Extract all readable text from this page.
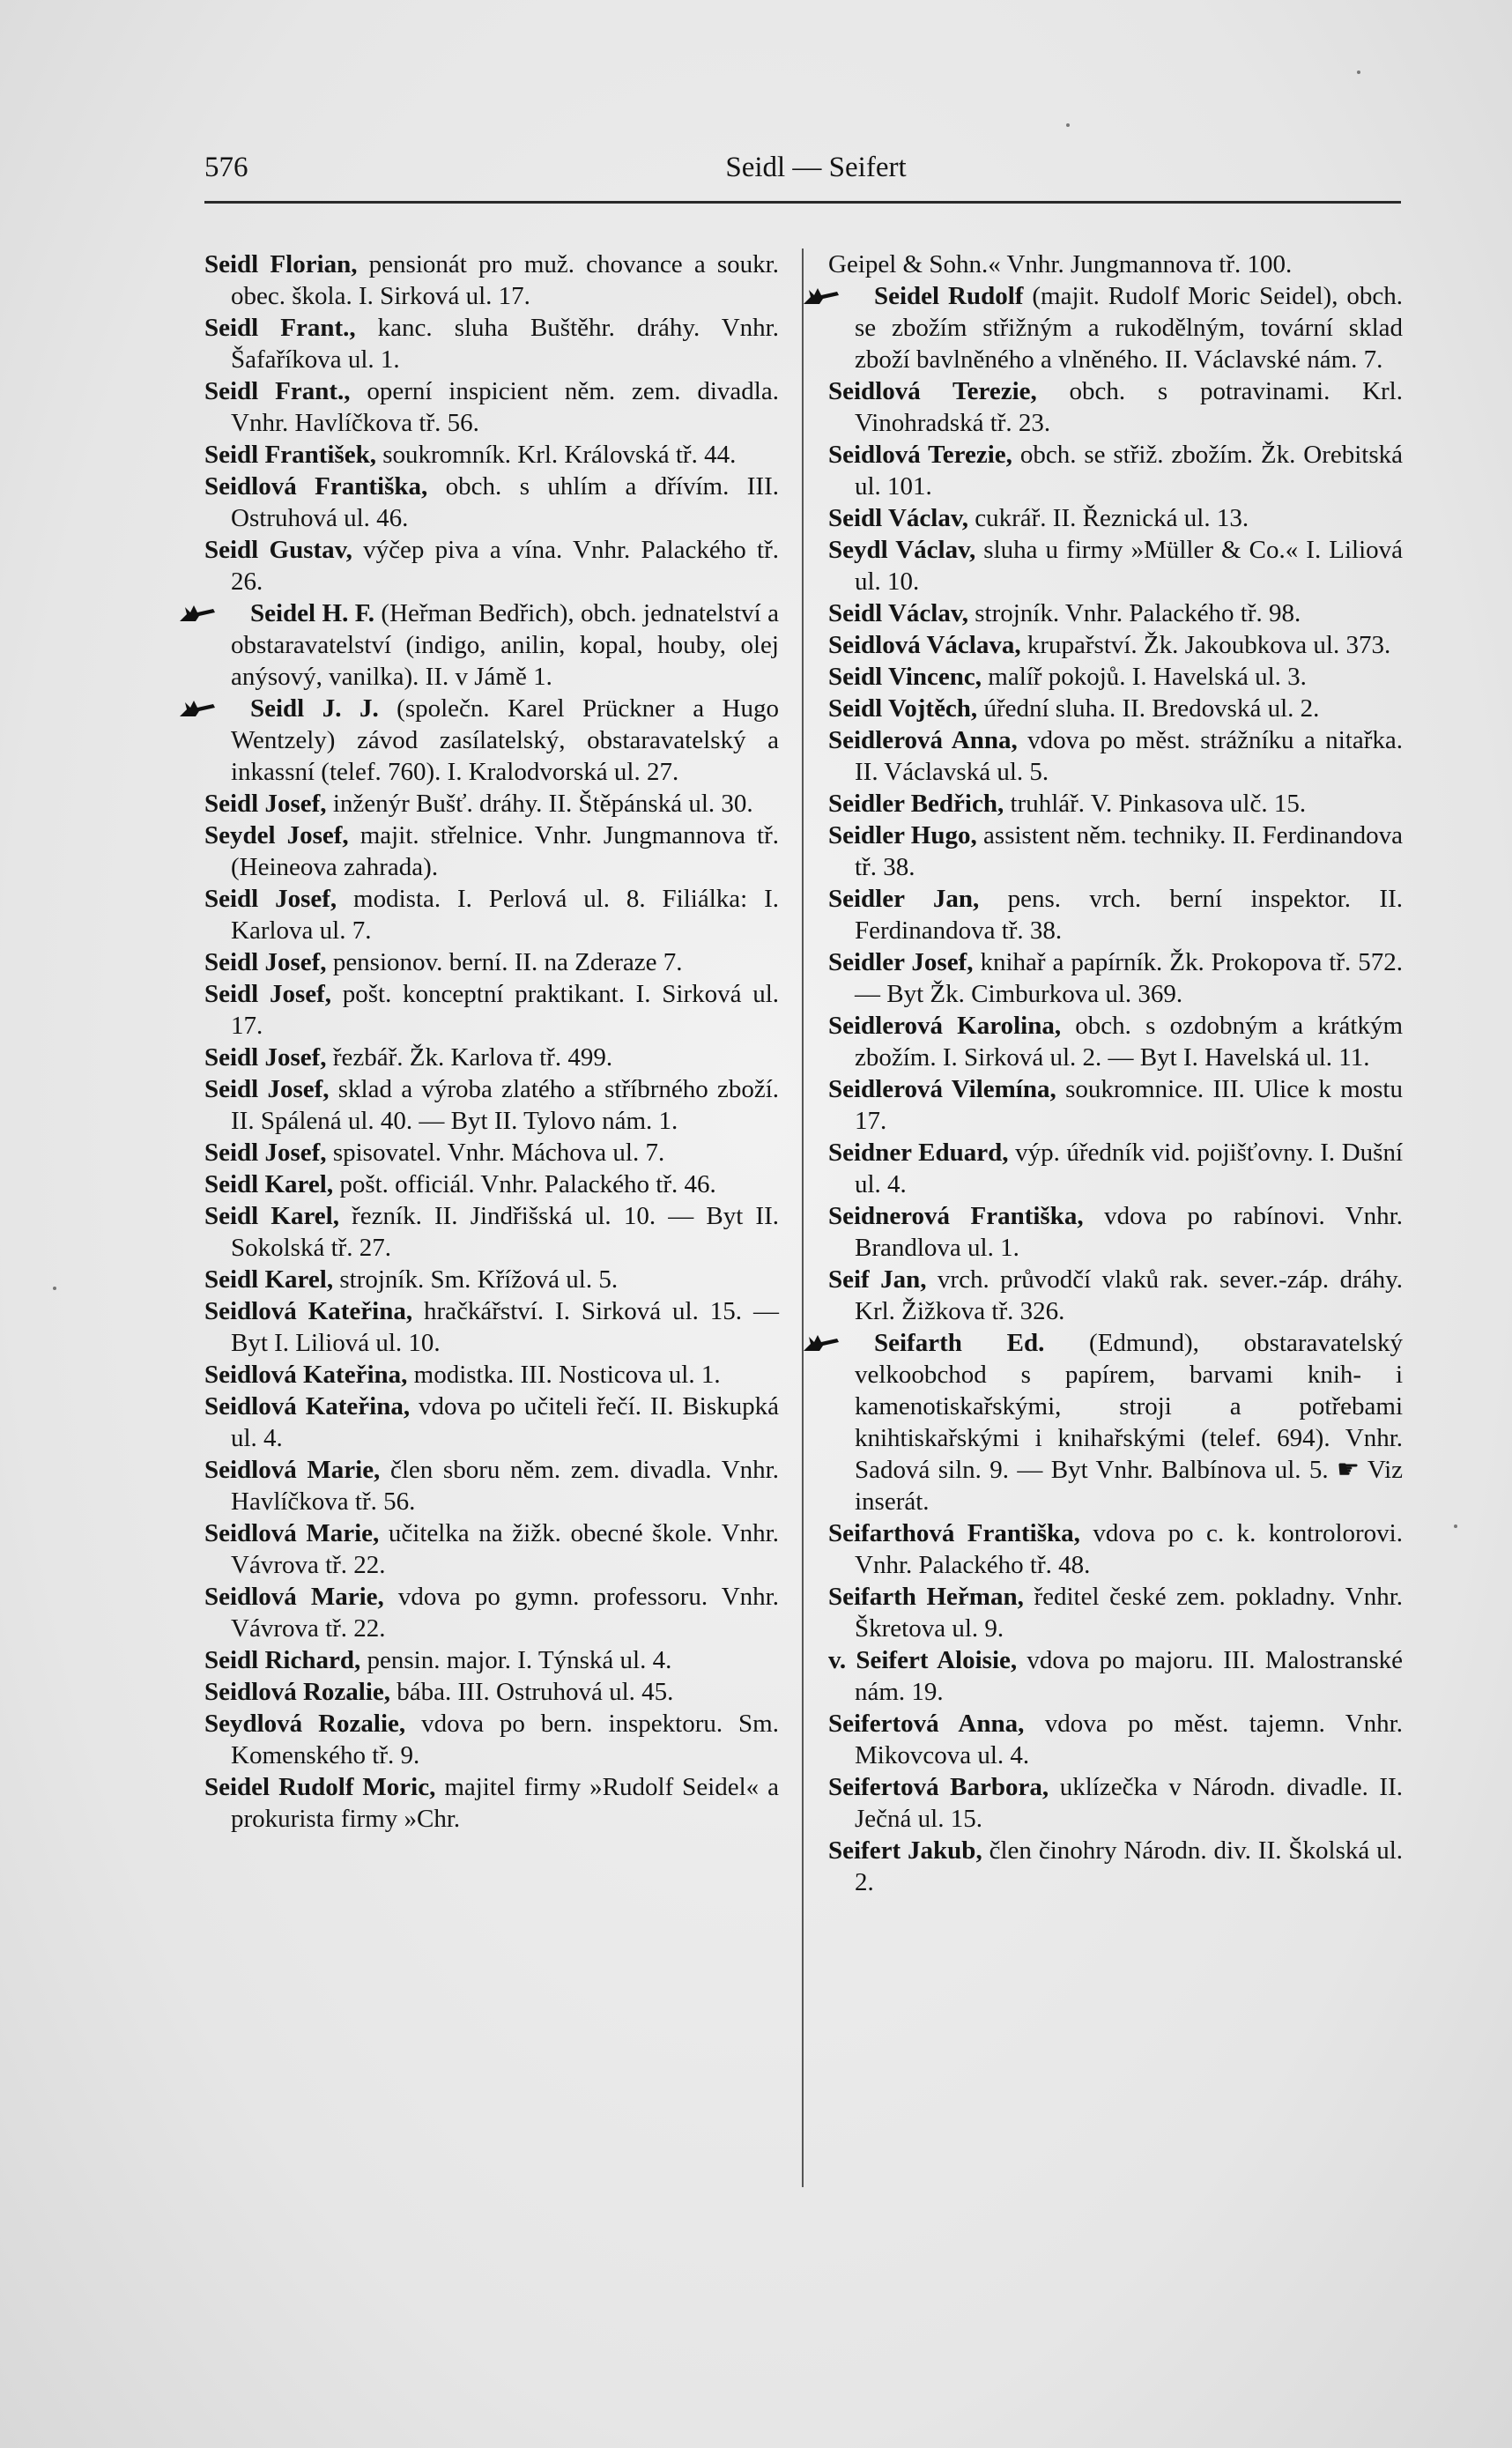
576	Seidl — Seifert
Seidl Florian, pensionát pro muž. chovance a soukr. obec. škola. I. Sirková ul. 17.
Seidl Frant., kanc. sluha Buštěhr. dráhy. Vnhr. Šafaříkova ul. 1.
Seidl Frant., operní inspicient něm. zem. divadla. Vnhr. Havlíčkova tř. 56.
Seidl František, soukromník. Krl. Královská tř. 44.
Seidlová Františka, obch. s uhlím a dřívím. III. Ostruhová ul. 46.
Seidl Gustav, výčep piva a vína. Vnhr. Palackého tř. 26.
Seidel H. F. (Heřman Bedřich), obch. jednatelství a obstaravatelství (indigo, anilin, kopal, houby, olej anýsový, vanilka). II. v Jámě 1.
Seidl J. J. (společn. Karel Prückner a Hugo Wentzely) závod zasílatelský, obstaravatelský a inkassní (telef. 760). I. Kralodvorská ul. 27.
Seidl Josef, inženýr Bušť. dráhy. II. Štěpánská ul. 30.
Seydel Josef, majit. střelnice. Vnhr. Jungmannova tř. (Heineova zahrada).
Seidl Josef, modista. I. Perlová ul. 8. Filiálka: I. Karlova ul. 7.
Seidl Josef, pensionov. berní. II. na Zderaze 7.
Seidl Josef, pošt. konceptní praktikant. I. Sirková ul. 17.
Seidl Josef, řezbář. Žk. Karlova tř. 499.
Seidl Josef, sklad a výroba zlatého a stříbrného zboží. II. Spálená ul. 40. — Byt II. Tylovo nám. 1.
Seidl Josef, spisovatel. Vnhr. Máchova ul. 7.
Seidl Karel, pošt. officiál. Vnhr. Palackého tř. 46.
Seidl Karel, řezník. II. Jindřišská ul. 10. — Byt II. Sokolská tř. 27.
Seidl Karel, strojník. Sm. Křížová ul. 5.
Seidlová Kateřina, hračkářství. I. Sirková ul. 15. — Byt I. Liliová ul. 10.
Seidlová Kateřina, modistka. III. Nosticova ul. 1.
Seidlová Kateřina, vdova po učiteli řečí. II. Biskupká ul. 4.
Seidlová Marie, člen sboru něm. zem. divadla. Vnhr. Havlíčkova tř. 56.
Seidlová Marie, učitelka na žižk. obecné škole. Vnhr. Vávrova tř. 22.
Seidlová Marie, vdova po gymn. professoru. Vnhr. Vávrova tř. 22.
Seidl Richard, pensin. major. I. Týnská ul. 4.
Seidlová Rozalie, bába. III. Ostruhová ul. 45.
Seydlová Rozalie, vdova po bern. inspektoru. Sm. Komenského tř. 9.
Seidel Rudolf Moric, majitel firmy »Rudolf Seidel« a prokurista firmy »Chr.
Geipel & Sohn.« Vnhr. Jungmannova tř. 100.
Seidel Rudolf (majit. Rudolf Moric Seidel), obch. se zbožím střižným a rukodělným, tovární sklad zboží bavlněného a vlněného. II. Václavské nám. 7.
Seidlová Terezie, obch. s potravinami. Krl. Vinohradská tř. 23.
Seidlová Terezie, obch. se střiž. zbožím. Žk. Orebitská ul. 101.
Seidl Václav, cukrář. II. Řeznická ul. 13.
Seydl Václav, sluha u firmy »Müller & Co.« I. Liliová ul. 10.
Seidl Václav, strojník. Vnhr. Palackého tř. 98.
Seidlová Václava, krupařství. Žk. Jakoubkova ul. 373.
Seidl Vincenc, malíř pokojů. I. Havelská ul. 3.
Seidl Vojtěch, úřední sluha. II. Bredovská ul. 2.
Seidlerová Anna, vdova po měst. strážníku a nitařka. II. Václavská ul. 5.
Seidler Bedřich, truhlář. V. Pinkasova ulč. 15.
Seidler Hugo, assistent něm. techniky. II. Ferdinandova tř. 38.
Seidler Jan, pens. vrch. berní inspektor. II. Ferdinandova tř. 38.
Seidler Josef, knihař a papírník. Žk. Prokopova tř. 572. — Byt Žk. Cimburkova ul. 369.
Seidlerová Karolina, obch. s ozdobným a krátkým zbožím. I. Sirková ul. 2. — Byt I. Havelská ul. 11.
Seidlerová Vilemína, soukromnice. III. Ulice k mostu 17.
Seidner Eduard, výp. úředník vid. pojišťovny. I. Dušní ul. 4.
Seidnerová Františka, vdova po rabínovi. Vnhr. Brandlova ul. 1.
Seif Jan, vrch. průvodčí vlaků rak. sever.-záp. dráhy. Krl. Žižkova tř. 326.
Seifarth Ed. (Edmund), obstaravatelský velkoobchod s papírem, barvami knih- i kamenotiskařskými, stroji a potřebami knihtiskařskými i knihařskými (telef. 694). Vnhr. Sadová siln. 9. — Byt Vnhr. Balbínova ul. 5. ☛ Viz inserát.
Seifarthová Františka, vdova po c. k. kontrolorovi. Vnhr. Palackého tř. 48.
Seifarth Heřman, ředitel české zem. pokladny. Vnhr. Škretova ul. 9.
v. Seifert Aloisie, vdova po majoru. III. Malostranské nám. 19.
Seifertová Anna, vdova po měst. tajemn. Vnhr. Mikovcova ul. 4.
Seifertová Barbora, uklízečka v Národn. divadle. II. Ječná ul. 15.
Seifert Jakub, člen činohry Národn. div. II. Školská ul. 2.
